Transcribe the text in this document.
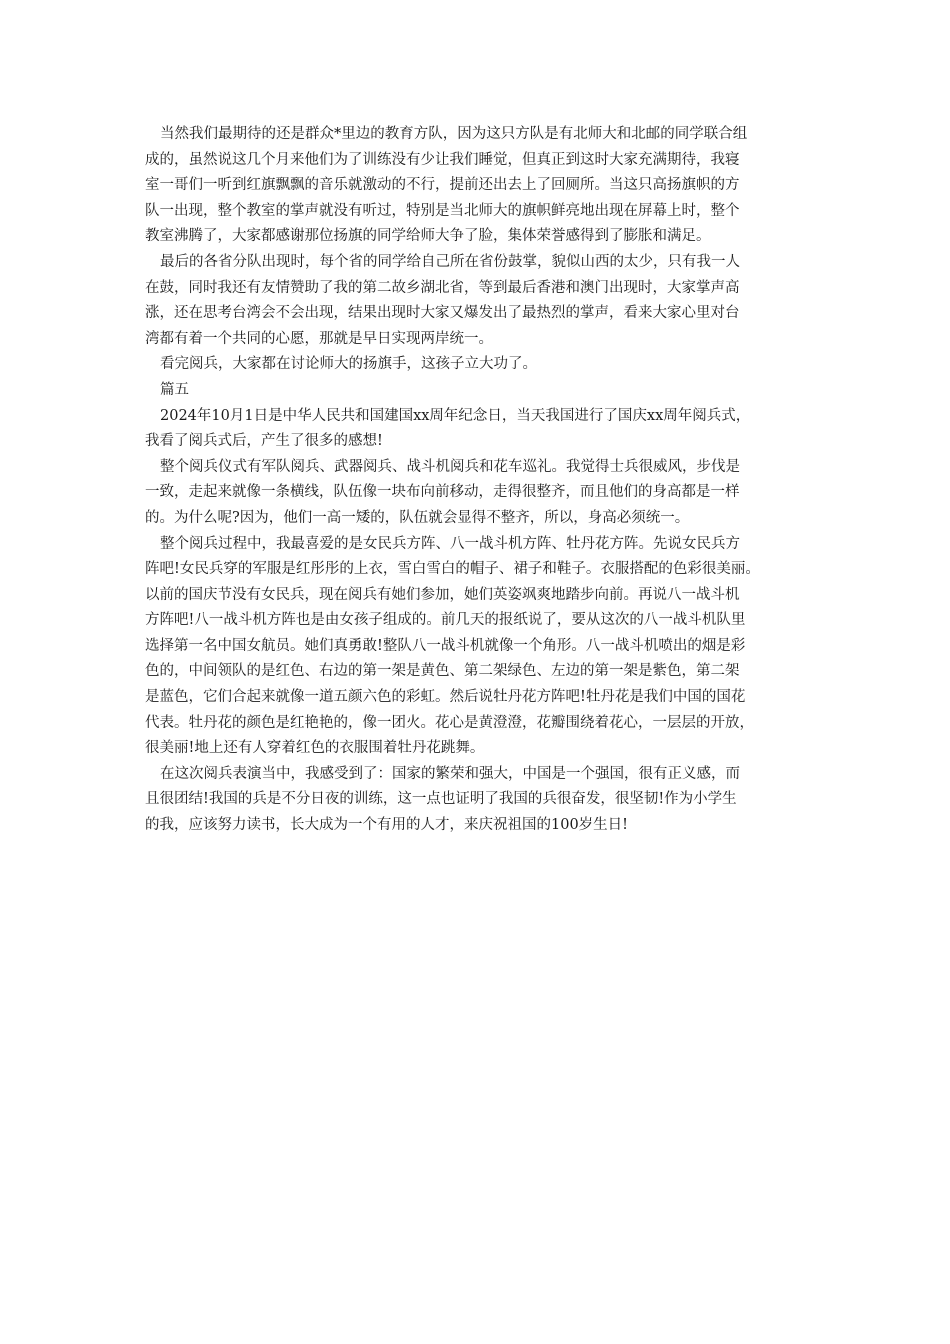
当然我们最期待的还是群众*里边的教育方队，因为这只方队是有北师大和北邮的同学联合组
成的，虽然说这几个月来他们为了训练没有少让我们睡觉，但真正到这时大家充满期待，我寝
室一哥们一听到红旗飘飘的音乐就激动的不行，提前还出去上了回厕所。当这只高扬旗帜的方
队一出现，整个教室的掌声就没有听过，特别是当北师大的旗帜鲜亮地出现在屏幕上时，整个
教室沸腾了，大家都感谢那位扬旗的同学给师大争了脸，集体荣誉感得到了膨胀和满足。

最后的各省分队出现时，每个省的同学给自己所在省份鼓掌，貌似山西的太少，只有我一人
在鼓，同时我还有友情赞助了我的第二故乡湖北省，等到最后香港和澳门出现时，大家掌声高
涨，还在思考台湾会不会出现，结果出现时大家又爆发出了最热烈的掌声，看来大家心里对台
湾都有着一个共同的心愿，那就是早日实现两岸统一。

看完阅兵，大家都在讨论师大的扬旗手，这孩子立大功了。

篇五

2024年10月1日是中华人民共和国建国xx周年纪念日，当天我国进行了国庆xx周年阅兵式，
我看了阅兵式后，产生了很多的感想!

整个阅兵仪式有军队阅兵、武器阅兵、战斗机阅兵和花车巡礼。我觉得士兵很威风，步伐是
一致，走起来就像一条横线，队伍像一块布向前移动，走得很整齐，而且他们的身高都是一样
的。为什么呢?因为，他们一高一矮的，队伍就会显得不整齐，所以，身高必须统一。

整个阅兵过程中，我最喜爱的是女民兵方阵、八一战斗机方阵、牡丹花方阵。先说女民兵方
阵吧!女民兵穿的军服是红彤彤的上衣，雪白雪白的帽子、裙子和鞋子。衣服搭配的色彩很美丽。
以前的国庆节没有女民兵，现在阅兵有她们参加，她们英姿飒爽地踏步向前。再说八一战斗机
方阵吧!八一战斗机方阵也是由女孩子组成的。前几天的报纸说了，要从这次的八一战斗机队里
选择第一名中国女航员。她们真勇敢!整队八一战斗机就像一个角形。八一战斗机喷出的烟是彩
色的，中间领队的是红色、右边的第一架是黄色、第二架绿色、左边的第一架是紫色，第二架
是蓝色，它们合起来就像一道五颜六色的彩虹。然后说牡丹花方阵吧!牡丹花是我们中国的国花
代表。牡丹花的颜色是红艳艳的，像一团火。花心是黄澄澄，花瓣围绕着花心，一层层的开放，
很美丽!地上还有人穿着红色的衣服围着牡丹花跳舞。

在这次阅兵表演当中，我感受到了：国家的繁荣和强大，中国是一个强国，很有正义感，而
且很团结!我国的兵是不分日夜的训练，这一点也证明了我国的兵很奋发，很坚韧!作为小学生
的我，应该努力读书，长大成为一个有用的人才，来庆祝祖国的100岁生日!
